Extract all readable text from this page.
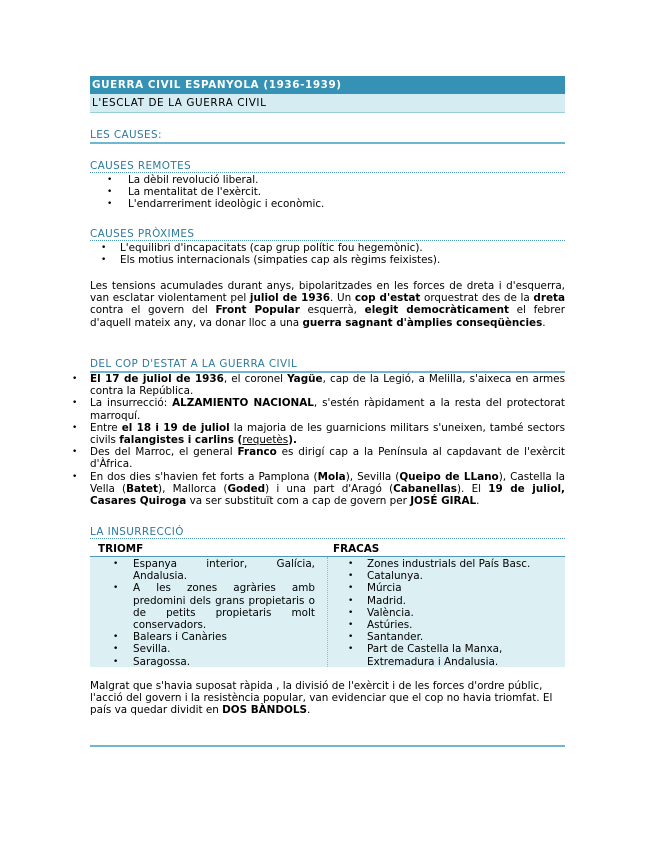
GUERRA CIVIL ESPANYOLA (1936-1939)
L'ESCLAT DE LA GUERRA CIVIL
LES CAUSES:
CAUSES REMOTES
• La dèbil revolució liberal.
• La mentalitat de l'exèrcit.
• L'endarreriment ideològic i econòmic.
CAUSES PRÒXIMES
• L'equilibri d'incapacitats (cap grup polític fou hegemònic).
• Els motius internacionals (simpaties cap als règims feixistes).

Les tensions acumulades durant anys, bipolaritzades en les forces de dreta i d'esquerra, van esclatar violentament pel juliol de 1936. Un cop d'estat orquestrat des de la dreta contra el govern del Front Popular esquerrà, elegit democràticament el febrer d'aquell mateix any, va donar lloc a una guerra sagnant d'àmplies conseqüències.

DEL COP D'ESTAT A LA GUERRA CIVIL
• El 17 de juliol de 1936, el coronel Yagüe, cap de la Legió, a Melilla, s'aixeca en armes contra la República.
• La insurrecció: ALZAMIENTO NACIONAL, s'estén ràpidament a la resta del protectorat marroquí.
• Entre el 18 i 19 de juliol la majoria de les guarnicions militars s'uneixen, també sectors civils falangistes i carlins (requetès).
• Des del Marroc, el general Franco es dirigí cap a la Península al capdavant de l'exèrcit d'Àfrica.
• En dos dies s'havien fet forts a Pamplona (Mola), Sevilla (Queipo de LLano), Castella la Vella (Batet), Mallorca (Goded) i una part d'Aragó (Cabanellas). El 19 de juliol, Casares Quiroga va ser substituït com a cap de govern per JOSÉ GIRAL.
LA INSURRECCIÓ
TRIOMF	FRACAS
• Espanya interior, Galícia, Andalusia.
• A les zones agràries amb predomini dels grans propietaris o de petits propietaris molt conservadors.
• Balears i Canàries
• Sevilla.
• Saragossa.
• Zones industrials del País Basc.
• Catalunya.
• Múrcia
• Madrid.
• València.
• Astúries.
• Santander.
• Part de Castella la Manxa, Extremadura i Andalusia.

Malgrat que s'havia suposat ràpida , la divisió de l'exèrcit i de les forces d'ordre públic, l'acció del govern i la resistència popular, van evidenciar que el cop no havia triomfat. El país va quedar dividit en DOS BÀNDOLS.
